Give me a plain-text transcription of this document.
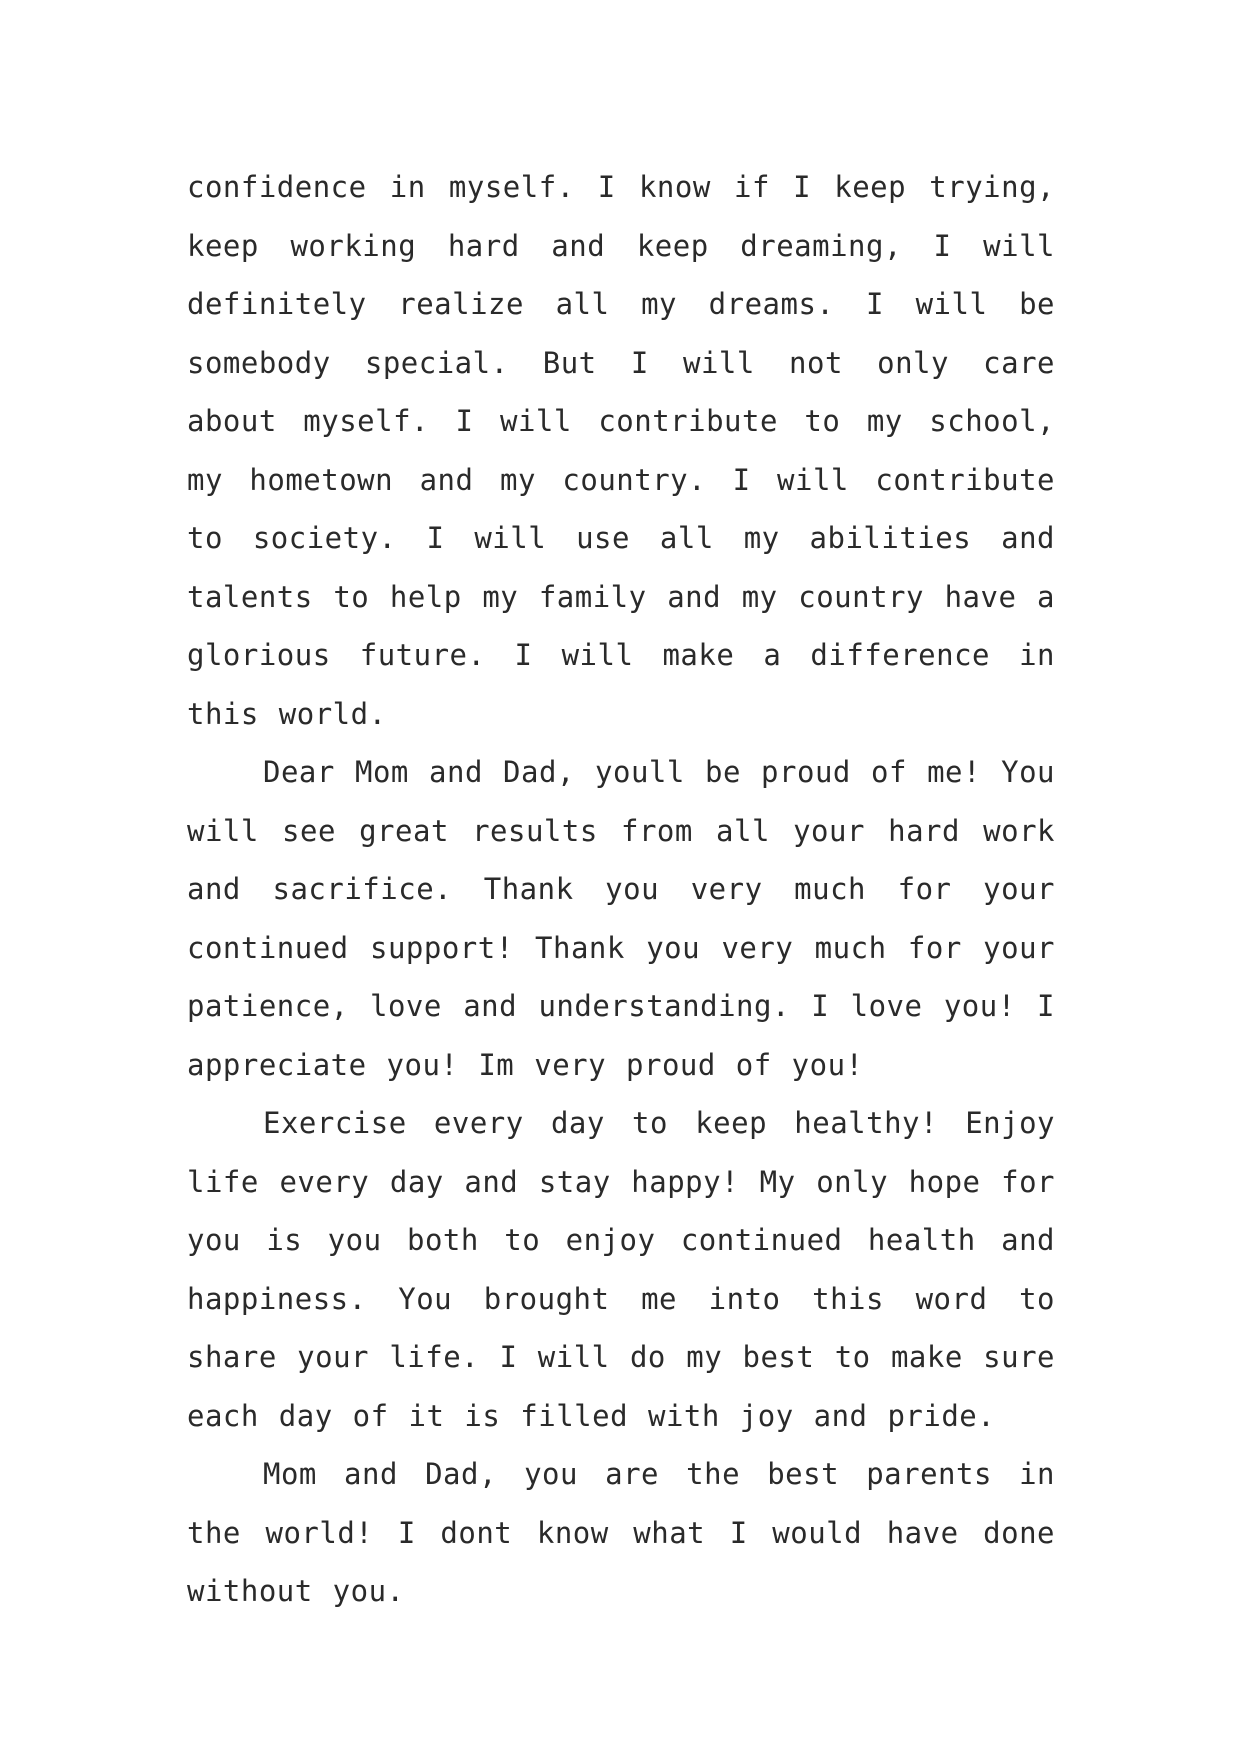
confidence in myself. I know if I keep trying, keep working hard and keep dreaming, I will definitely realize all my dreams. I will be somebody special. But I will not only care about myself. I will contribute to my school, my hometown and my country. I will contribute to society. I will use all my abilities and talents to help my family and my country have a glorious future. I will make a difference in this world.

Dear Mom and Dad, youll be proud of me! You will see great results from all your hard work and sacrifice. Thank you very much for your continued support! Thank you very much for your patience, love and understanding. I love you! I appreciate you! Im very proud of you!

Exercise every day to keep healthy! Enjoy life every day and stay happy! My only hope for you is you both to enjoy continued health and happiness. You brought me into this word to share your life. I will do my best to make sure each day of it is filled with joy and pride.

Mom and Dad, you are the best parents in the world! I dont know what I would have done without you.
